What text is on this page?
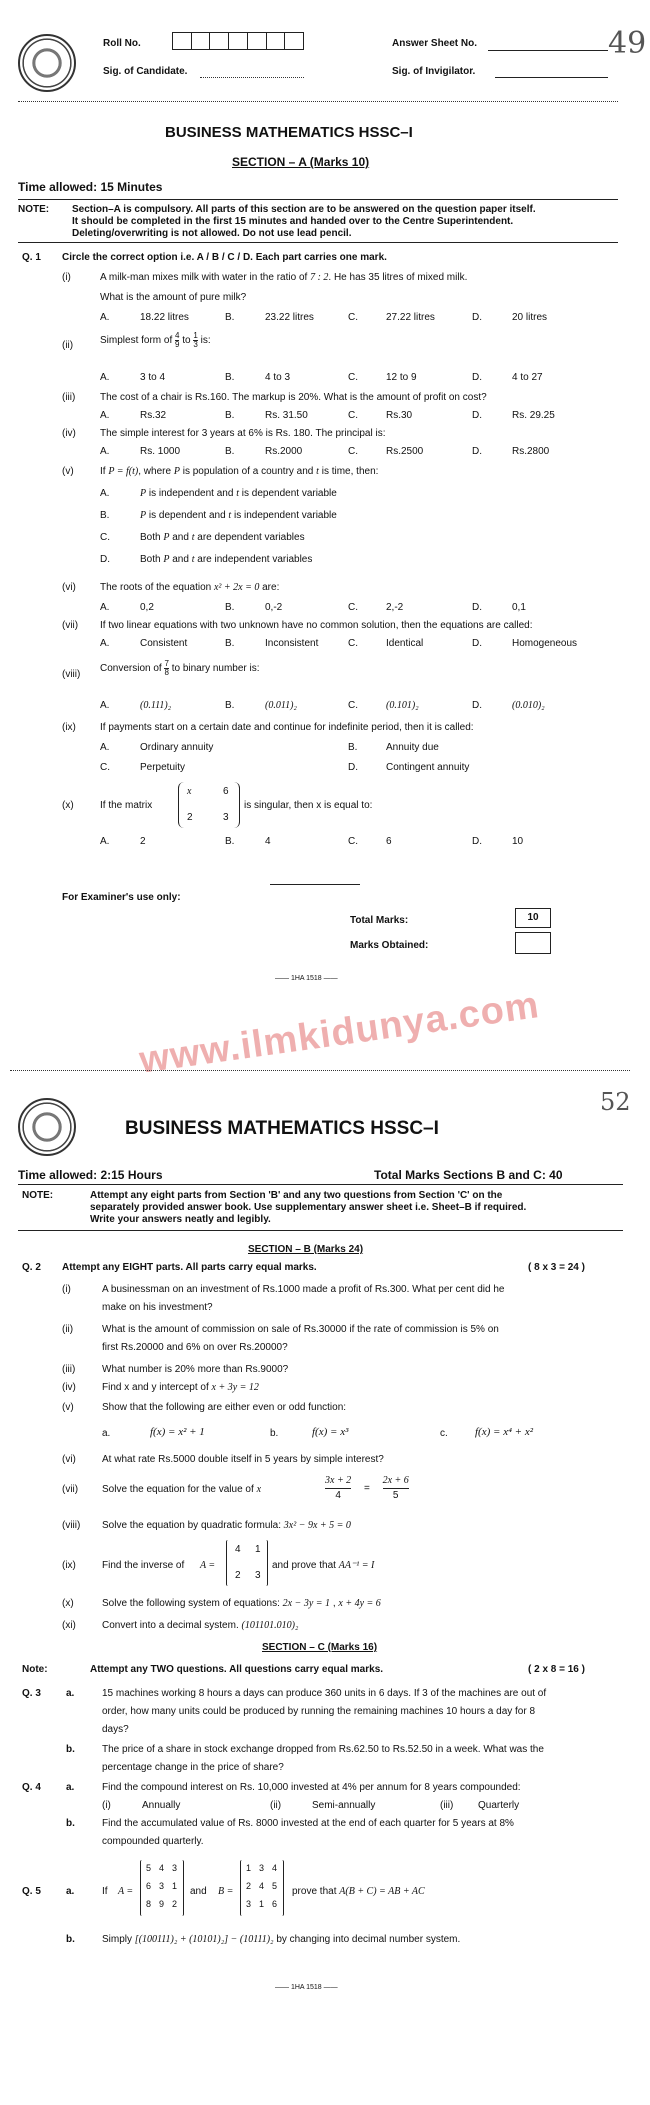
Roll No.
Sig. of Candidate.
Answer Sheet No.
Sig. of Invigilator.
49
BUSINESS MATHEMATICS HSSC–I
SECTION – A (Marks 10)
Time allowed: 15 Minutes
NOTE: Section–A is compulsory. All parts of this section are to be answered on the question paper itself.
It should be completed in the first 15 minutes and handed over to the Centre Superintendent.
Deleting/overwriting is not allowed. Do not use lead pencil.
Q. 1 Circle the correct option i.e. A / B / C / D. Each part carries one mark.
(i)	A milk-man mixes milk with water in the ratio of 7 : 2. He has 35 litres of mixed milk.
What is the amount of pure milk?
A.	18.22 litres	B.	23.22 litres	C.	27.22 litres	D.	20 litres
(ii)	Simplest form of $\frac{4}{9}$ to $\frac{1}{3}$ is:
A.	3 to 4	B.	4 to 3	C.	12 to 9	D.	4 to 27
(iii) The cost of a chair is Rs.160. The markup is 20%. What is the amount of profit on cost?
A.	Rs.32	B.	Rs. 31.50	C.	Rs.30	D.	Rs. 29.25
(iv) The simple interest for 3 years at 6% is Rs. 180. The principal is:
A.	Rs. 1000	B.	Rs.2000	C.	Rs.2500	D.	Rs.2800
(v)	If P = f(t), where P is population of a country and t is time, then:
A.	P is independent and t is dependent variable
B.	P is dependent and t is independent variable
C.	Both P and t are dependent variables
D.	Both P and t are independent variables
(vi) The roots of the equation x² + 2x = 0 are:
A.	0,2	B.	0,-2	C.	2,-2	D.	0,1
(vii) If two linear equations with two unknown have no common solution, then the equations are called:
A.	Consistent	B.	Inconsistent	C.	Identical	D.	Homogeneous
(viii)
Conversion of $\frac{7}{8}$ to binary number is:
A.	(0.111)₂	B.	(0.011)₂	C.	(0.101)₂	D.	(0.010)₂
(ix) If payments start on a certain date and continue for indefinite period, then it is called:
A.	Ordinary annuity	B.	Annuity due
C.	Perpetuity	D.	Contingent annuity
(x)	If the matrix
x	6
2	3
is singular, then x is equal to:
A.	2	B.	4	C.	6	D.	10
For Examiner's use only:
Total Marks:	10
Marks Obtained:
—— 1HA 1518 ——
www.ilmkidunya.com
52
BUSINESS MATHEMATICS HSSC–I
Time allowed: 2:15 Hours	Total Marks Sections B and C: 40
NOTE:	Attempt any eight parts from Section 'B' and any two questions from Section 'C' on the
separately provided answer book. Use supplementary answer sheet i.e. Sheet–B if required.
Write your answers neatly and legibly.
SECTION – B (Marks 24)
Q. 2 Attempt any EIGHT parts. All parts carry equal marks.	( 8 x 3 = 24 )
(i)	A businessman on an investment of Rs.1000 made a profit of Rs.300. What per cent did he
make on his investment?
(ii)	What is the amount of commission on sale of Rs.30000 if the rate of commission is 5% on
first Rs.20000 and 6% on over Rs.20000?
(iii)	What number is 20% more than Rs.9000?
(iv)	Find x and y intercept of x + 3y = 12
(v)	Show that the following are either even or odd function:
a.	f(x) = x² + 1	b.	f(x) = x³	c. f(x) = x⁴ + x²
(vi)	At what rate Rs.5000 double itself in 5 years by simple interest?
(vii) Solve the equation for the value of x	$\frac{3x + 2}{4} = \frac{2x + 6}{5}$
(viii) Solve the equation by quadratic formula: 3x² − 9x + 5 = 0
(ix)	Find the inverse of A =
4 1
2 3
and prove that AA⁻¹ = I
(x)	Solve the following system of equations: 2x − 3y = 1 , x + 4y = 6
(xi)	Convert into a decimal system. (101101.010)₂
SECTION – C (Marks 16)
Note:	Attempt any TWO questions. All questions carry equal marks.	( 2 x 8 = 16 )
Q. 3	a.	15 machines working 8 hours a days can produce 360 units in 6 days. If 3 of the machines are out of
order, how many units could be produced by running the remaining machines 10 hours a day for 8
days?
b.	The price of a share in stock exchange dropped from Rs.62.50 to Rs.52.50 in a week. What was the
percentage change in the price of share?
Q. 4	a.	Find the compound interest on Rs. 10,000 invested at 4% per annum for 8 years compounded:
(i)	Annually	(ii)	Semi-annually	(iii) Quarterly
b.	Find the accumulated value of Rs. 8000 invested at the end of each quarter for 5 years at 8%
compounded quarterly.
Q. 5	a.	If A =
5 4 3
6 3 1
8 9 2
and B =
1 3 4
2 4 5
3 1 6
prove that A(B + C) = AB + AC
b.	Simply [(100111)₂ + (10101)₂] − (10111)₂ by changing into decimal number system.
—— 1HA 1518 ——
